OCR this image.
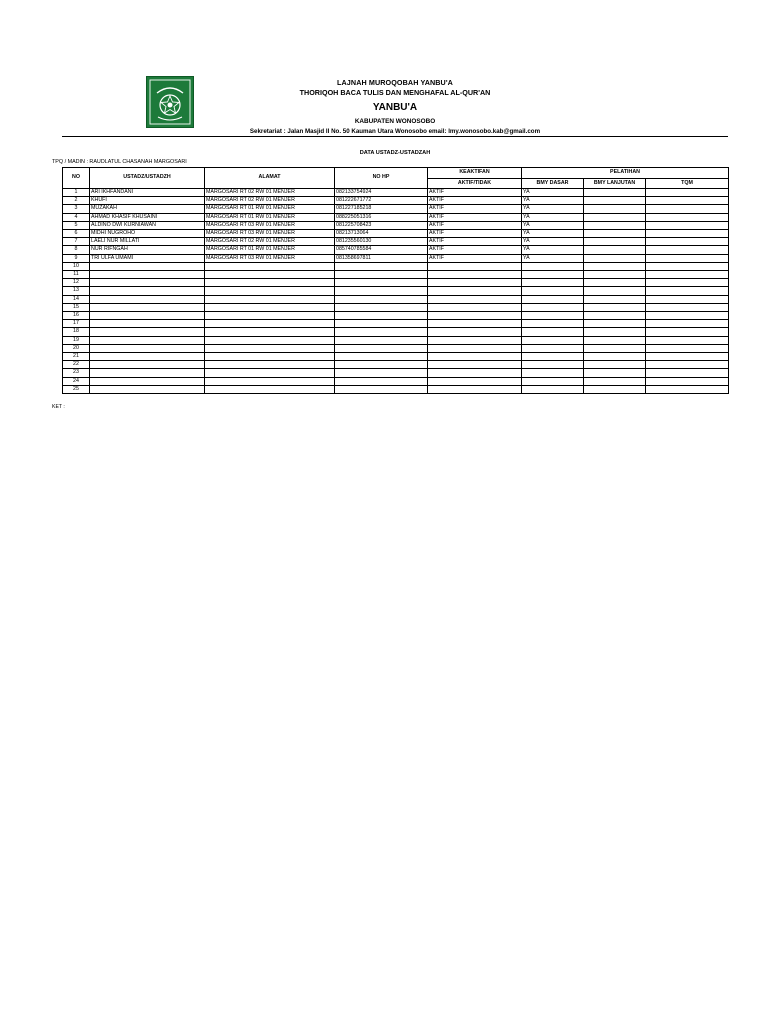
LAJNAH MUROQOBAH YANBU'A
THORIQOH BACA TULIS DAN MENGHAFAL AL-QUR'AN
YANBU'A
KABUPATEN WONOSOBO
Sekretariat : Jalan Masjid II No. 50 Kauman Utara Wonosobo email: lmy.wonosobo.kab@gmail.com
DATA USTADZ-USTADZAH
TPQ / MADIN : RAUDLATUL CHASANAH MARGOSARI
NO	USTADZ/USTADZH	ALAMAT	NO HP	KEAKTIFAN	PELATIHAN		
				AKTIF/TIDAK	BMY DASAR	BMY LANJUTAN	TQM
1	ARI IKHFANDANI	MARGOSARI RT 02 RW 01 MENJER	082133754924	AKTIF	YA		
2	KHUFI	MARGOSARI RT 02 RW 01 MENJER	081222671772	AKTIF	YA		
3	MUZAKAH	MARGOSARI RT 01 RW 01 MENJER	081227185218	AKTIF	YA		
4	AHMAD KHASIF KHUSAINI	MARGOSARI RT 01 RW 01 MENJER	088225051316	AKTIF	YA		
5	ALDINO DWI KURNIAWAN	MARGOSARI RT 03 RW 01 MENJER	081225708423	AKTIF	YA		
6	MIDHI NUGROHO	MARGOSARI RT 03 RW 01 MENJER	08213713064	AKTIF	YA		
7	LAELI NUR MILLATI	MARGOSARI RT 02 RW 01 MENJER	081235560130	AKTIF	YA		
8	NUR RIFNGAH	MARGOSARI RT 01 RW 01 MENJER	085740785584	AKTIF	YA		
9	TRI ULFA UMAMI	MARGOSARI RT 03 RW 01 MENJER	081358697811	AKTIF	YA		
10							
11							
12							
13							
14							
15							
16							
17							
18							
19							
20							
21							
22							
23							
24							
25							
KET :
